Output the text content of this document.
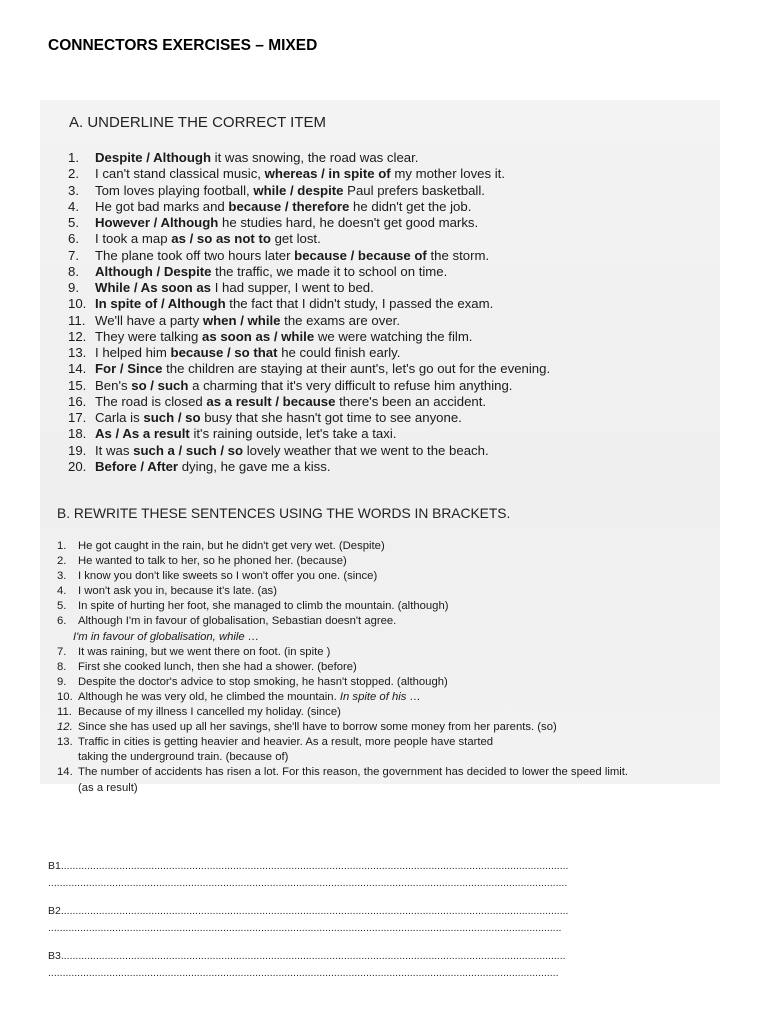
CONNECTORS EXERCISES – MIXED
A. UNDERLINE THE CORRECT ITEM
1. Despite / Although it was snowing, the road was clear.
2. I can't stand classical music, whereas / in spite of my mother loves it.
3. Tom loves playing football, while / despite Paul prefers basketball.
4. He got bad marks and because / therefore he didn't get the job.
5. However / Although he studies hard, he doesn't get good marks.
6. I took a map as / so as not to get lost.
7. The plane took off two hours later because / because of the storm.
8. Although / Despite the traffic, we made it to school on time.
9. While / As soon as I had supper, I went to bed.
10. In spite of / Although the fact that I didn't study, I passed the exam.
11. We'll have a party when / while the exams are over.
12. They were talking as soon as / while we were watching the film.
13. I helped him because / so that he could finish early.
14. For / Since the children are staying at their aunt's, let's go out for the evening.
15. Ben's so / such a charming that it's very difficult to refuse him anything.
16. The road is closed as a result / because there's been an accident.
17. Carla is such / so busy that she hasn't got time to see anyone.
18. As / As a result it's raining outside, let's take a taxi.
19. It was such a / such / so lovely weather that we went to the beach.
20. Before / After dying, he gave me a kiss.
B. REWRITE THESE SENTENCES USING THE WORDS IN BRACKETS.
1. He got caught in the rain, but he didn't get very wet. (Despite)
2. He wanted to talk to her, so he phoned her. (because)
3. I know you don't like sweets so I won't offer you one. (since)
4. I won't ask you in, because it's late. (as)
5. In spite of hurting her foot, she managed to climb the mountain. (although)
6. Although I'm in favour of globalisation, Sebastian doesn't agree.
I'm in favour of globalisation, while …
7. It was raining, but we went there on foot. (in spite )
8. First she cooked lunch, then she had a shower. (before)
9. Despite the doctor's advice to stop smoking, he hasn't stopped. (although)
10. Although he was very old, he climbed the mountain. In spite of his …
11. Because of my illness I cancelled my holiday. (since)
12. Since she has used up all her savings, she'll have to borrow some money from her parents. (so)
13. Traffic in cities is getting heavier and heavier. As a result, more people have started
taking the underground train. (because of)
14. The number of accidents has risen a lot. For this reason, the government has decided to lower the speed limit.
(as a result)
B1..............................................................................................................................................................................
..................................................................................................................................................................................
B2..............................................................................................................................................................................
................................................................................................................................................................................
B3.............................................................................................................................................................................
...............................................................................................................................................................................
